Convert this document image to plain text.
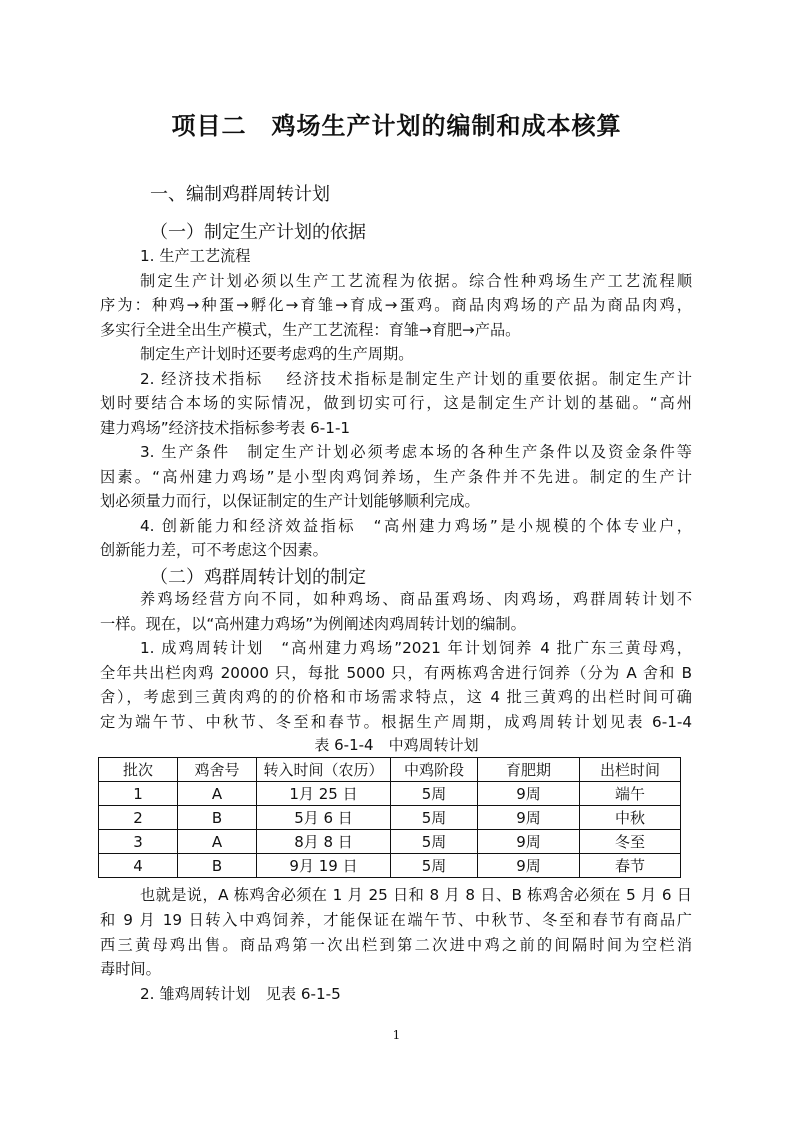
项目二　鸡场生产计划的编制和成本核算
一、编制鸡群周转计划
（一）制定生产计划的依据
1. 生产工艺流程
制定生产计划必须以生产工艺流程为依据。综合性种鸡场生产工艺流程顺
序为：种鸡→种蛋→孵化→育雏→育成→蛋鸡。商品肉鸡场的产品为商品肉鸡，
多实行全进全出生产模式，生产工艺流程：育雏→育肥→产品。
制定生产计划时还要考虑鸡的生产周期。
2. 经济技术指标　 经济技术指标是制定生产计划的重要依据。制定生产计
划时要结合本场的实际情况，做到切实可行，这是制定生产计划的基础。“高州
建力鸡场”经济技术指标参考表 6-1-1
3. 生产条件　制定生产计划必须考虑本场的各种生产条件以及资金条件等
因素。“高州建力鸡场”是小型肉鸡饲养场，生产条件并不先进。制定的生产计
划必须量力而行，以保证制定的生产计划能够顺利完成。
4. 创新能力和经济效益指标　“高州建力鸡场”是小规模的个体专业户，
创新能力差，可不考虑这个因素。
（二）鸡群周转计划的制定
养鸡场经营方向不同，如种鸡场、商品蛋鸡场、肉鸡场，鸡群周转计划不
一样。现在，以“高州建力鸡场”为例阐述肉鸡周转计划的编制。
1. 成鸡周转计划　“高州建力鸡场”2021 年计划饲养 4 批广东三黄母鸡，
全年共出栏肉鸡 20000 只，每批 5000 只，有两栋鸡舍进行饲养（分为 A 舍和 B
舍），考虑到三黄肉鸡的的价格和市场需求特点，这 4 批三黄鸡的出栏时间可确
定为端午节、中秋节、冬至和春节。根据生产周期，成鸡周转计划见表 6-1-4
表 6-1-4　中鸡周转计划
批次	鸡舍号	转入时间（农历）	中鸡阶段	育肥期	出栏时间
1	A	1月 25 日	5周	9周	端午
2	B	5月 6 日	5周	9周	中秋
3	A	8月 8 日	5周	9周	冬至
4	B	9月 19 日	5周	9周	春节
也就是说，A 栋鸡舍必须在 1 月 25 日和 8 月 8 日、B 栋鸡舍必须在 5 月 6 日
和 9 月 19 日转入中鸡饲养，才能保证在端午节、中秋节、冬至和春节有商品广
西三黄母鸡出售。商品鸡第一次出栏到第二次进中鸡之前的间隔时间为空栏消
毒时间。
2. 雏鸡周转计划　见表 6-1-5
1
